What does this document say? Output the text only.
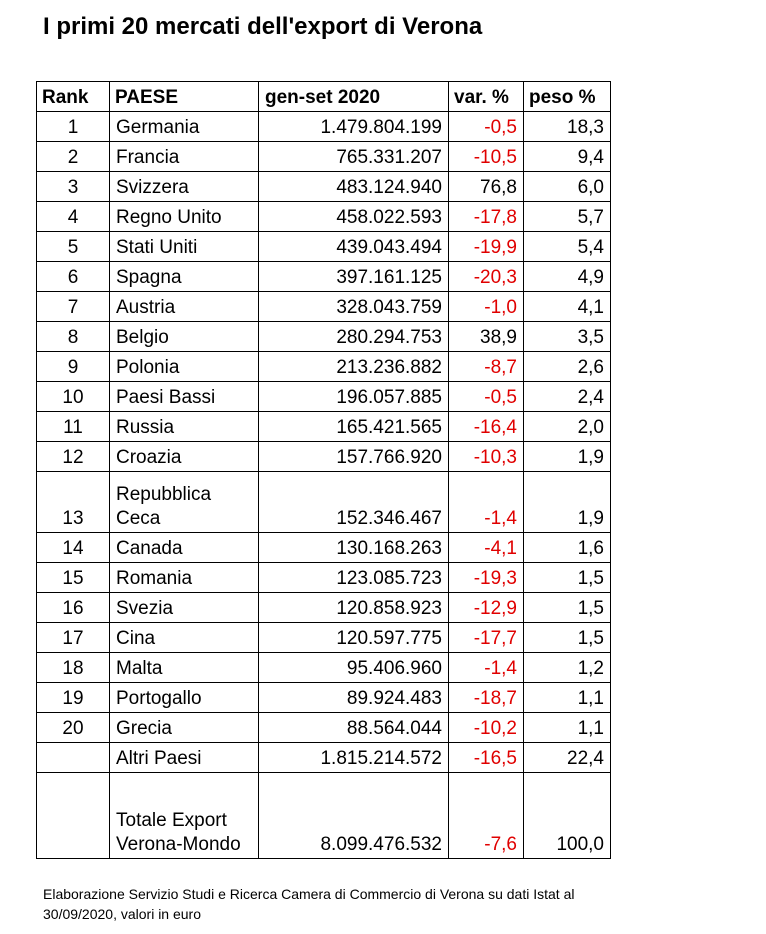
I primi 20 mercati dell'export di Verona
Rank	PAESE	gen-set 2020	var. %	peso %
1	Germania	1.479.804.199	-0,5	18,3
2	Francia	765.331.207	-10,5	9,4
3	Svizzera	483.124.940	76,8	6,0
4	Regno Unito	458.022.593	-17,8	5,7
5	Stati Uniti	439.043.494	-19,9	5,4
6	Spagna	397.161.125	-20,3	4,9
7	Austria	328.043.759	-1,0	4,1
8	Belgio	280.294.753	38,9	3,5
9	Polonia	213.236.882	-8,7	2,6
10	Paesi Bassi	196.057.885	-0,5	2,4
11	Russia	165.421.565	-16,4	2,0
12	Croazia	157.766.920	-10,3	1,9
13	Repubblica Ceca	152.346.467	-1,4	1,9
14	Canada	130.168.263	-4,1	1,6
15	Romania	123.085.723	-19,3	1,5
16	Svezia	120.858.923	-12,9	1,5
17	Cina	120.597.775	-17,7	1,5
18	Malta	95.406.960	-1,4	1,2
19	Portogallo	89.924.483	-18,7	1,1
20	Grecia	88.564.044	-10,2	1,1
	Altri Paesi	1.815.214.572	-16,5	22,4
	Totale Export Verona-Mondo	8.099.476.532	-7,6	100,0

Elaborazione Servizio Studi e Ricerca Camera di Commercio di Verona su dati Istat al 30/09/2020, valori in euro
